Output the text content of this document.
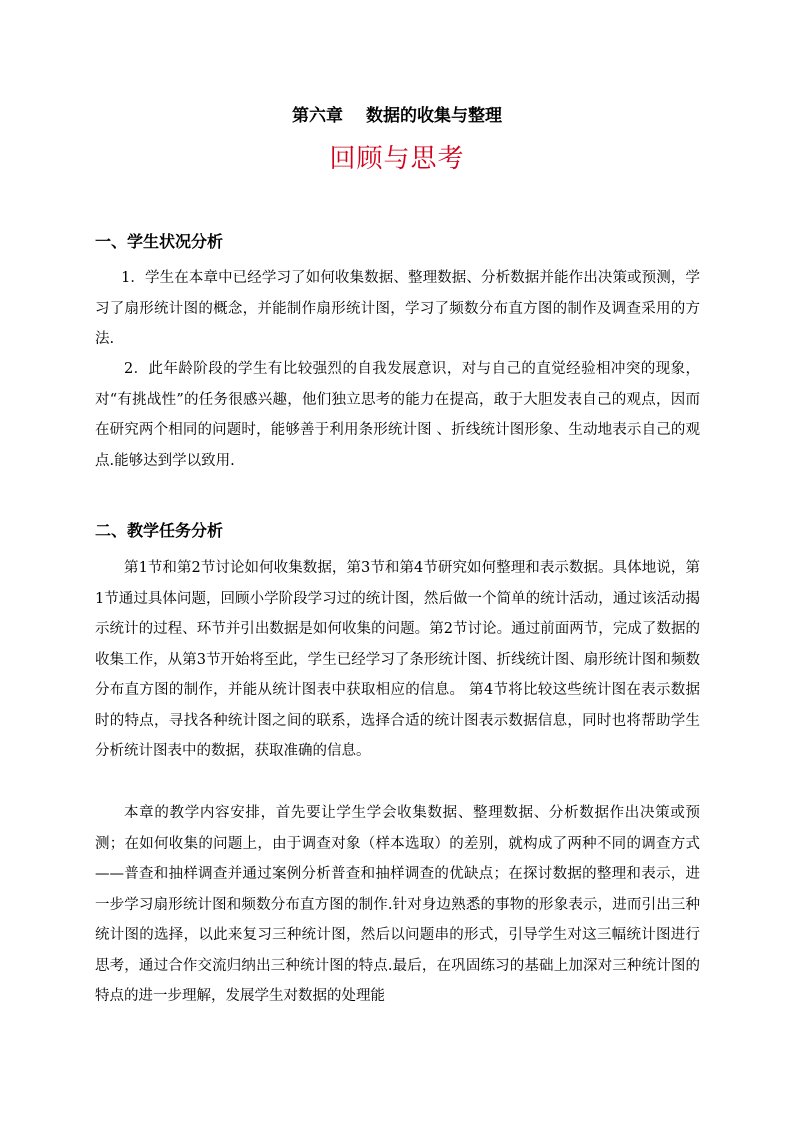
第六章　 数据的收集与整理
回顾与思考
一、学生状况分析

1．学生在本章中已经学习了如何收集数据、整理数据、分析数据并能作出决策或预测，学习了扇形统计图的概念，并能制作扇形统计图，学习了频数分布直方图的制作及调查采用的方法.

2．此年龄阶段的学生有比较强烈的自我发展意识，对与自己的直觉经验相冲突的现象，对“有挑战性”的任务很感兴趣，他们独立思考的能力在提高，敢于大胆发表自己的观点，因而在研究两个相同的问题时，能够善于利用条形统计图 、折线统计图形象、生动地表示自己的观点.能够达到学以致用.

二、教学任务分析

第1节和第2节讨论如何收集数据，第3节和第4节研究如何整理和表示数据。具体地说，第1节通过具体问题，回顾小学阶段学习过的统计图，然后做一个简单的统计活动，通过该活动揭示统计的过程、环节并引出数据是如何收集的问题。第2节讨论。通过前面两节，完成了数据的收集工作，从第3节开始将至此，学生已经学习了条形统计图、折线统计图、扇形统计图和频数分布直方图的制作，并能从统计图表中获取相应的信息。 第4节将比较这些统计图在表示数据时的特点，寻找各种统计图之间的联系，选择合适的统计图表示数据信息，同时也将帮助学生分析统计图表中的数据，获取准确的信息。

本章的教学内容安排，首先要让学生学会收集数据、整理数据、分析数据作出决策或预测；在如何收集的问题上，由于调查对象（样本选取）的差别，就构成了两种不同的调查方式——普查和抽样调查并通过案例分析普查和抽样调查的优缺点；在探讨数据的整理和表示，进一步学习扇形统计图和频数分布直方图的制作.针对身边熟悉的事物的形象表示，进而引出三种统计图的选择，以此来复习三种统计图，然后以问题串的形式，引导学生对这三幅统计图进行思考，通过合作交流归纳出三种统计图的特点.最后，在巩固练习的基础上加深对三种统计图的特点的进一步理解，发展学生对数据的处理能
